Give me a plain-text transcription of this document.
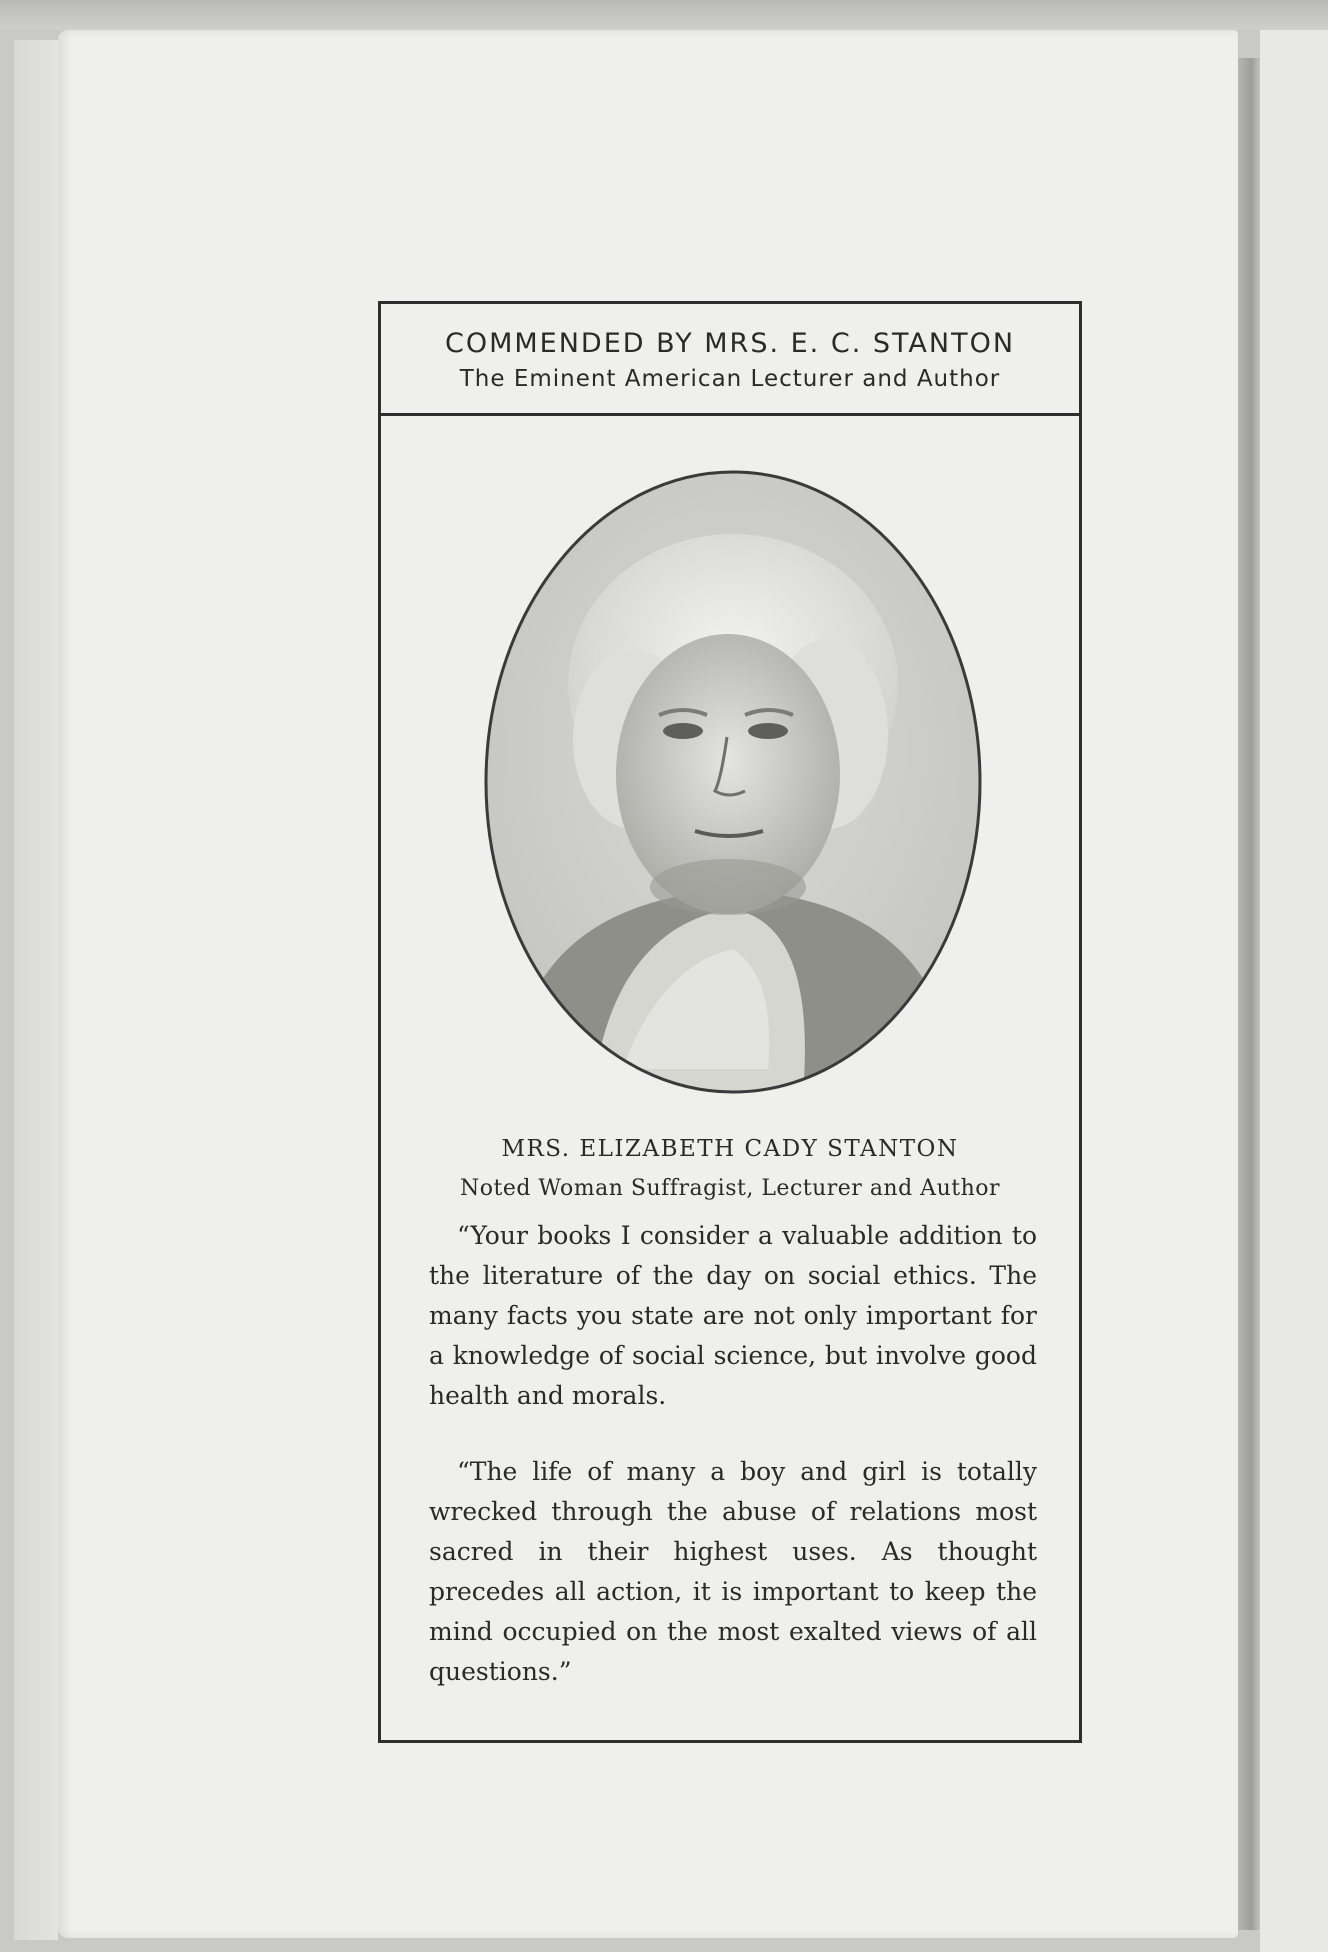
COMMENDED BY MRS. E. C. STANTON
The Eminent American Lecturer and Author
MRS. ELIZABETH CADY STANTON
Noted Woman Suffragist, Lecturer and Author

“Your books I consider a valuable addition to the literature of the day on social ethics. The many facts you state are not only important for a knowledge of social science, but involve good health and morals.

“The life of many a boy and girl is totally wrecked through the abuse of relations most sacred in their highest uses. As thought precedes all action, it is important to keep the mind occupied on the most exalted views of all questions.”
